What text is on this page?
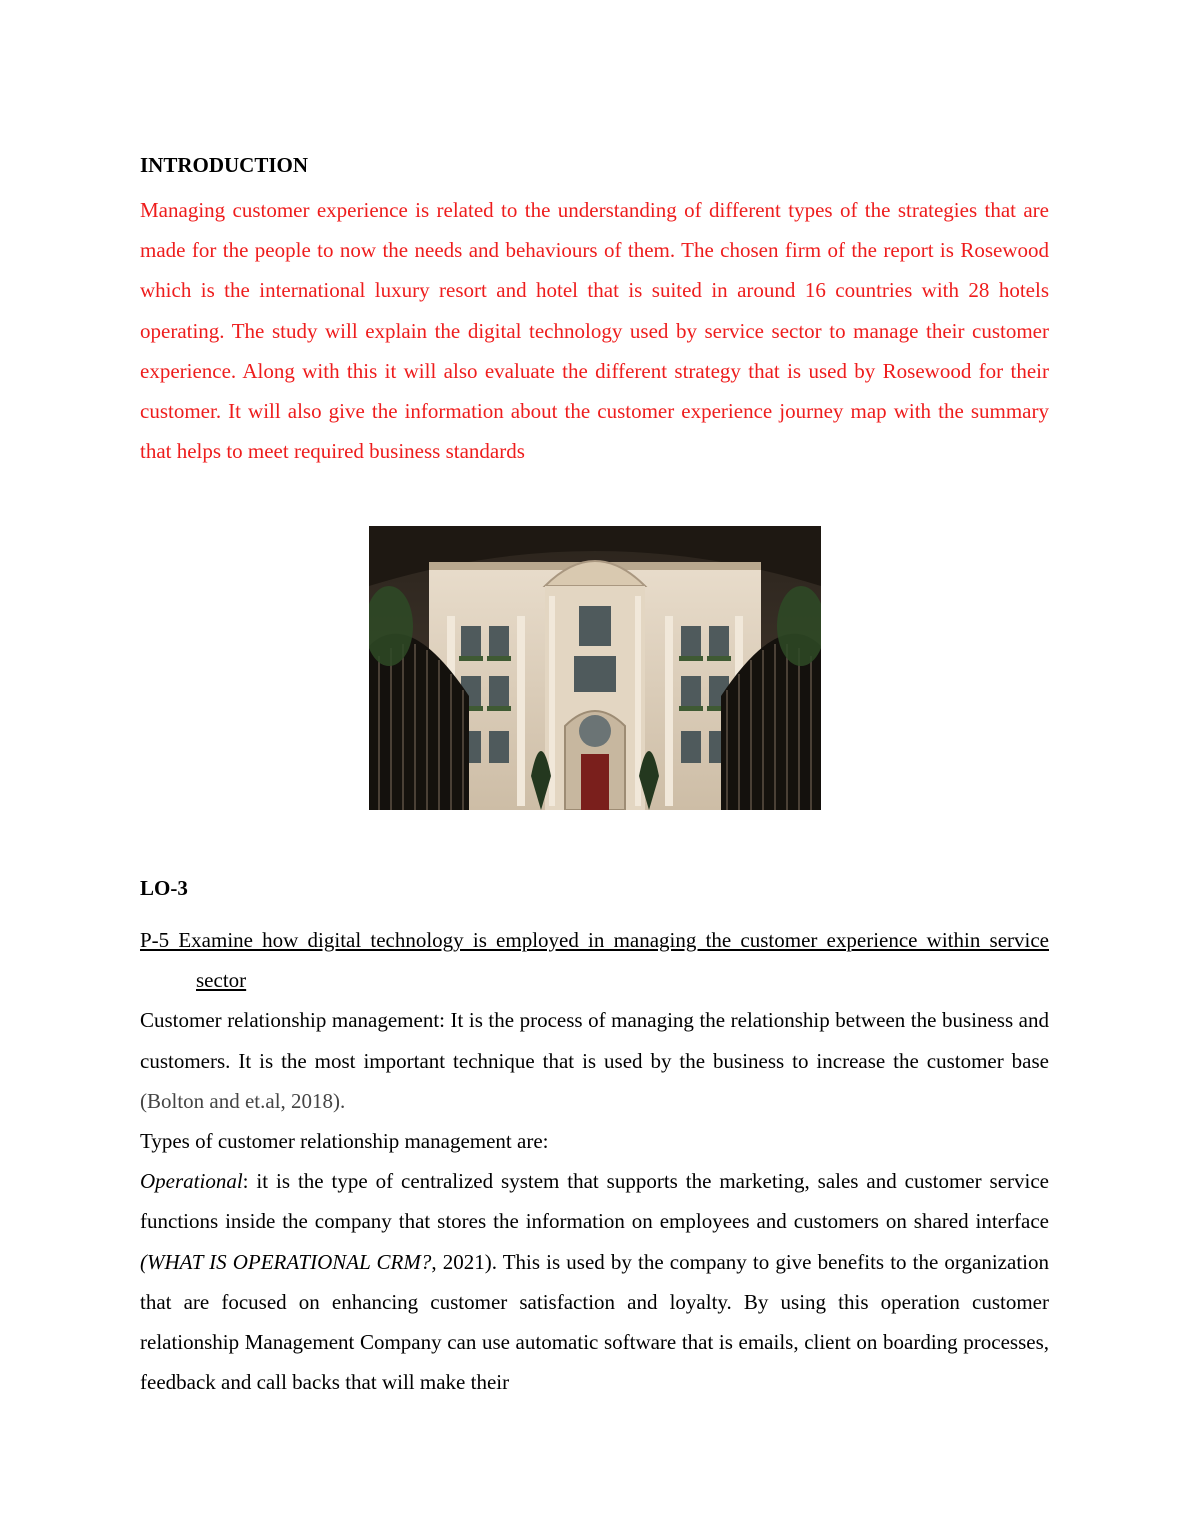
INTRODUCTION

Managing customer experience is related to the understanding of different types of the strategies that are made for the people to now the needs and behaviours of them. The chosen firm of the report is Rosewood which is the international luxury resort and hotel that is suited in around 16 countries with 28 hotels operating. The study will explain the digital technology used by service sector to manage their customer experience. Along with this it will also evaluate the different strategy that is used by Rosewood for their customer. It will also give the information about the customer experience journey map with the summary that helps to meet required business standards

LO-3

P-5 Examine how digital technology is employed in managing the customer experience within service sector

Customer relationship management: It is the process of managing the relationship between the business and customers. It is the most important technique that is used by the business to increase the customer base (Bolton and et.al, 2018).

Types of customer relationship management are:

Operational: it is the type of centralized system that supports the marketing, sales and customer service functions inside the company that stores the information on employees and customers on shared interface (WHAT IS OPERATIONAL CRM?, 2021). This is used by the company to give benefits to the organization that are focused on enhancing customer satisfaction and loyalty. By using this operation customer relationship Management Company can use automatic software that is emails, client on boarding processes, feedback and call backs that will make their
